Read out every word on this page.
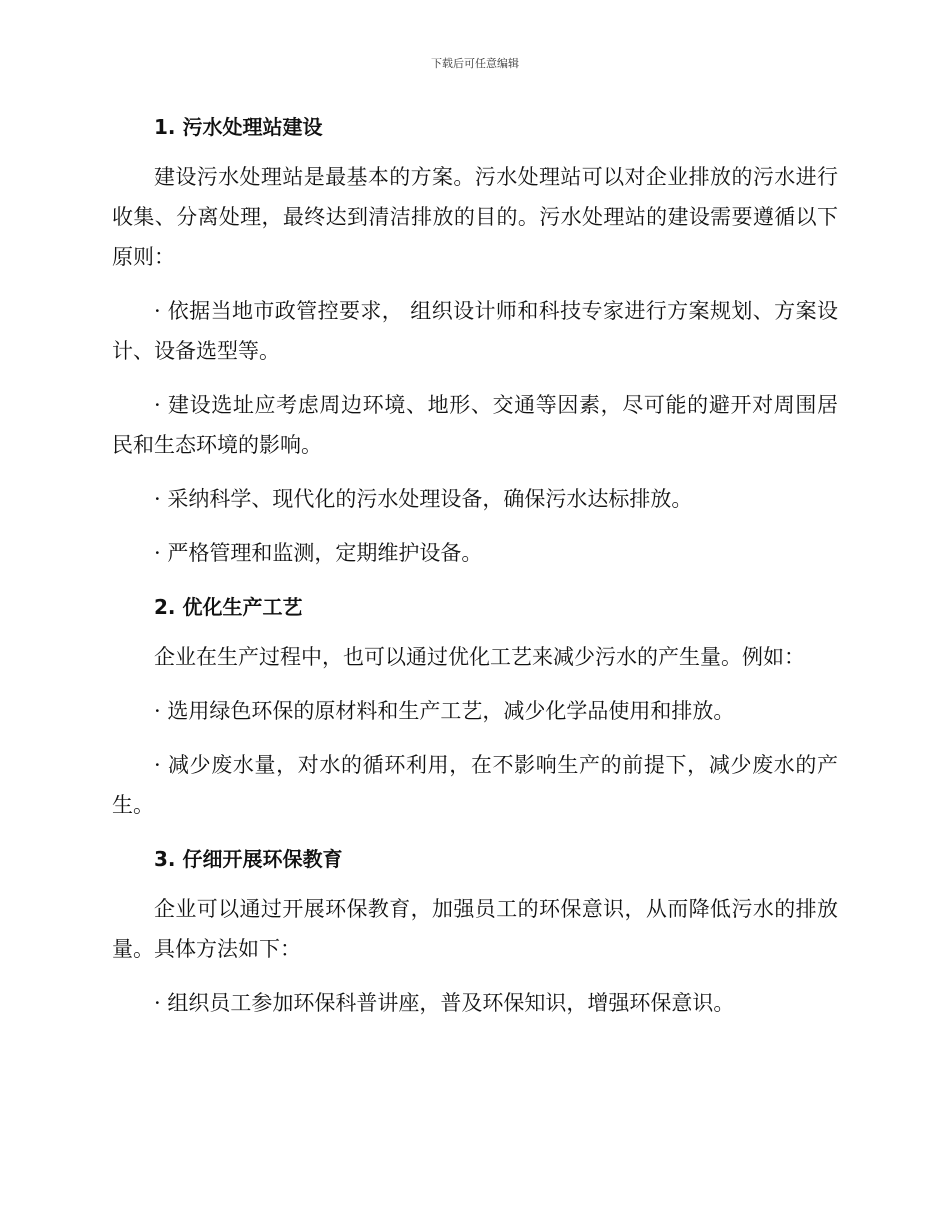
下载后可任意编辑
1. 污水处理站建设

建设污水处理站是最基本的方案。污水处理站可以对企业排放的污水进行收集、分离处理，最终达到清洁排放的目的。污水处理站的建设需要遵循以下原则：

· 依据当地市政管控要求， 组织设计师和科技专家进行方案规划、方案设计、设备选型等。

· 建设选址应考虑周边环境、地形、交通等因素，尽可能的避开对周围居民和生态环境的影响。

· 采纳科学、现代化的污水处理设备，确保污水达标排放。

· 严格管理和监测，定期维护设备。

2. 优化生产工艺

企业在生产过程中，也可以通过优化工艺来减少污水的产生量。例如：

· 选用绿色环保的原材料和生产工艺，减少化学品使用和排放。

· 减少废水量，对水的循环利用，在不影响生产的前提下，减少废水的产生。

3. 仔细开展环保教育

企业可以通过开展环保教育，加强员工的环保意识，从而降低污水的排放量。具体方法如下：

· 组织员工参加环保科普讲座，普及环保知识，增强环保意识。
